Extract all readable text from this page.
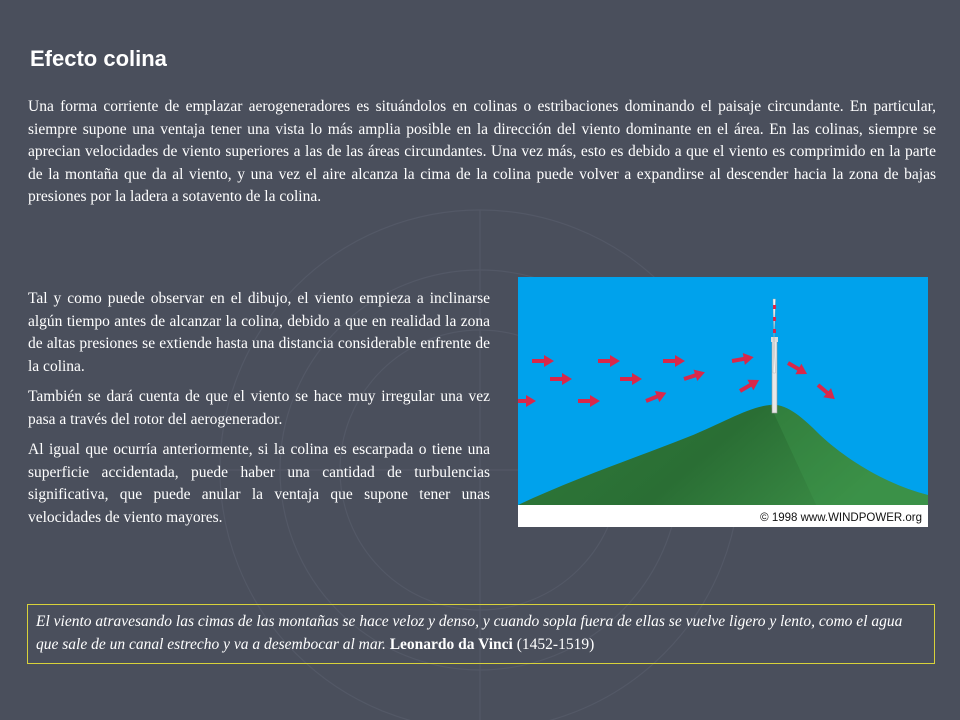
Efecto colina

Una forma corriente de emplazar aerogeneradores es situándolos en colinas o estribaciones dominando el paisaje circundante. En particular, siempre supone una ventaja tener una vista lo más amplia posible en la dirección del viento dominante en el área. En las colinas, siempre se aprecian velocidades de viento superiores a las de las áreas circundantes. Una vez más, esto es debido a que el viento es comprimido en la parte de la montaña que da al viento, y una vez el aire alcanza la cima de la colina puede volver a expandirse al descender hacia la zona de bajas presiones por la ladera a sotavento de la colina.

Tal y como puede observar en el dibujo, el viento empieza a inclinarse algún tiempo antes de alcanzar la colina, debido a que en realidad la zona de altas presiones se extiende hasta una distancia considerable enfrente de la colina.

También se dará cuenta de que el viento se hace muy irregular una vez pasa a través del rotor del aerogenerador.

Al igual que ocurría anteriormente, si la colina es escarpada o tiene una superficie accidentada, puede haber una cantidad de turbulencias significativa, que puede anular la ventaja que supone tener unas velocidades de viento mayores.	© 1998 www.WINDPOWER.org
El viento atravesando las cimas de las montañas se hace veloz y denso, y cuando sopla fuera de ellas se vuelve ligero y lento, como el agua que sale de un canal estrecho y va a desembocar al mar. Leonardo da Vinci (1452-1519)
